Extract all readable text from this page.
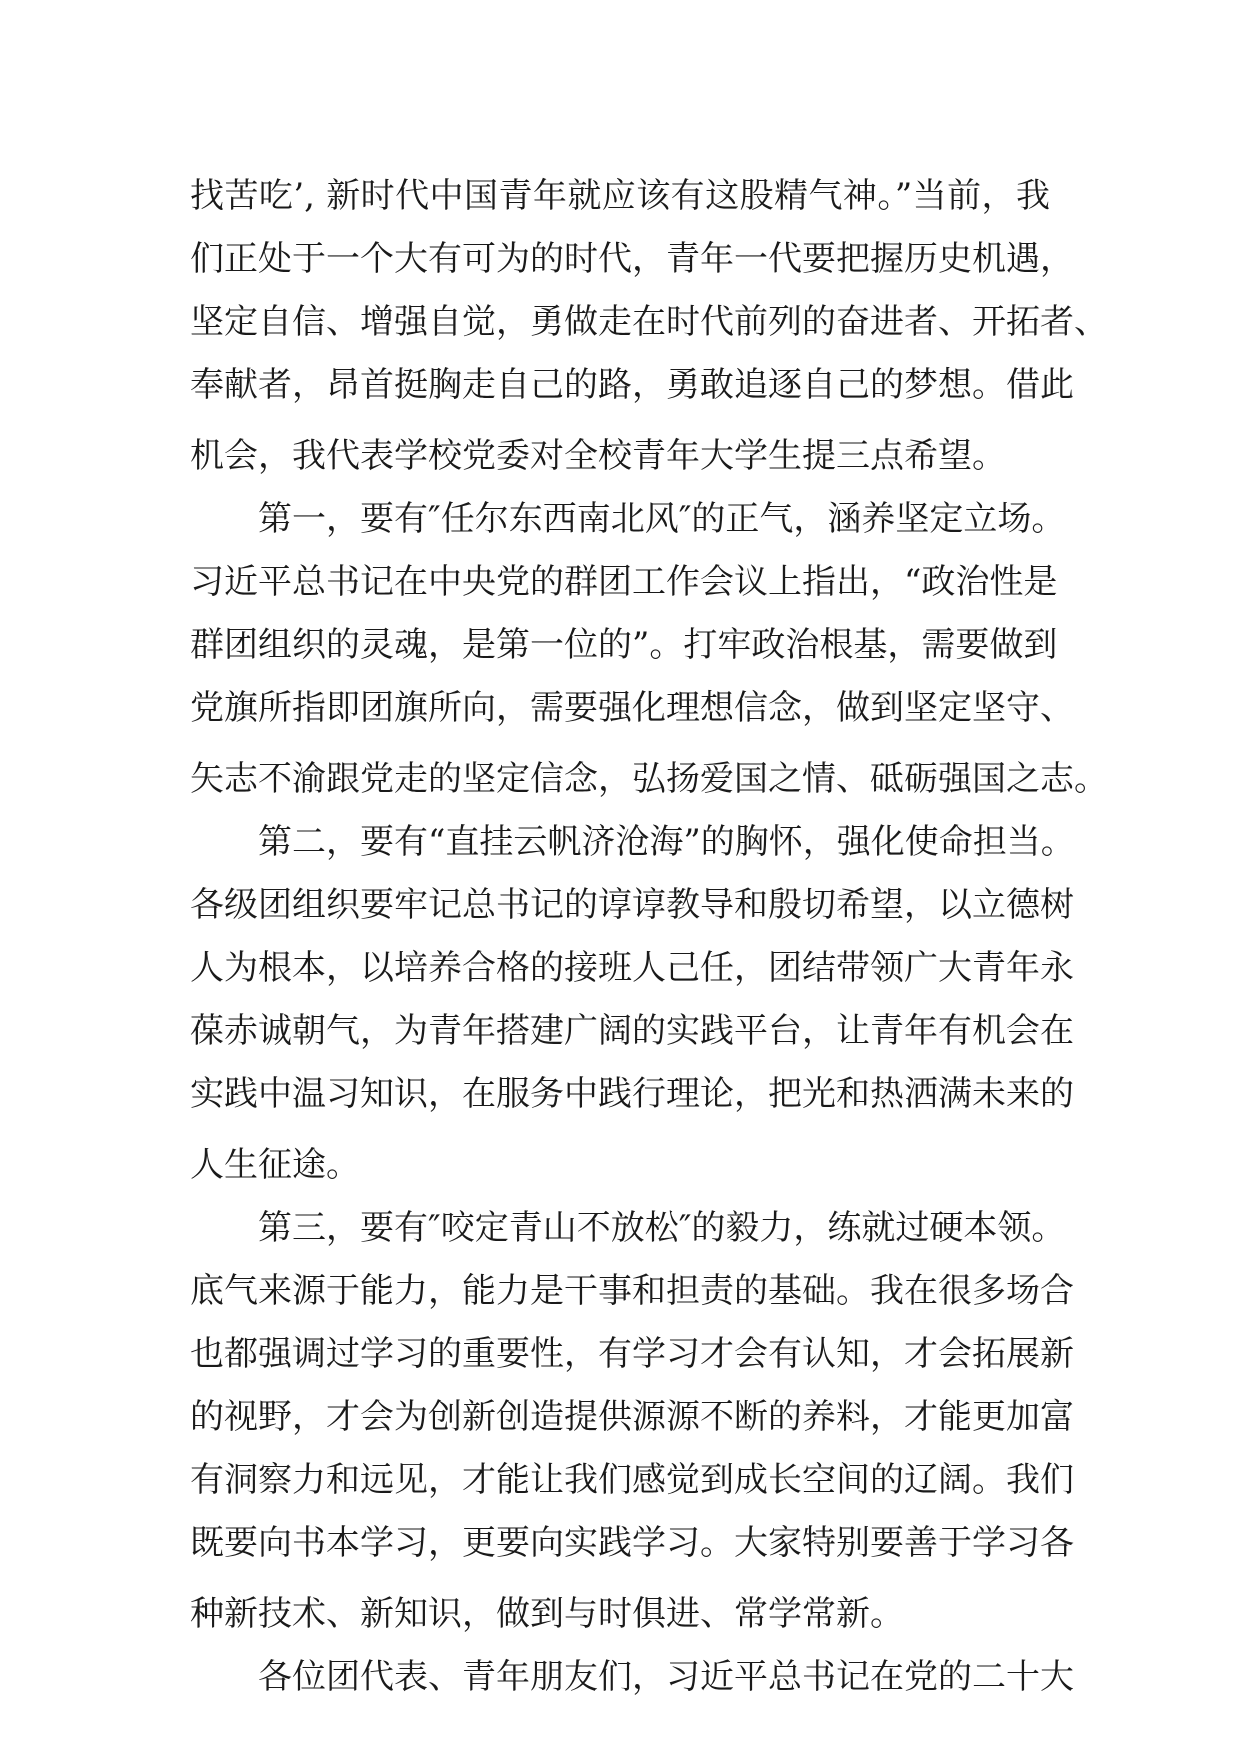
找苦吃’, 新时代中国青年就应该有这股精气神。”当前，我
们正处于一个大有可为的时代，青年一代要把握历史机遇，
坚定自信、增强自觉，勇做走在时代前列的奋进者、开拓者、
奉献者，昂首挺胸走自己的路，勇敢追逐自己的梦想。借此
机会，我代表学校党委对全校青年大学生提三点希望。
　　第一，要有″任尔东西南北风″的正气，涵养坚定立场。
习近平总书记在中央党的群团工作会议上指出，“政治性是
群团组织的灵魂，是第一位的”。打牢政治根基，需要做到
党旗所指即团旗所向，需要强化理想信念，做到坚定坚守、
矢志不渝跟党走的坚定信念，弘扬爱国之情、砥砺强国之志。
　　第二，要有“直挂云帆济沧海”的胸怀，强化使命担当。
各级团组织要牢记总书记的谆谆教导和殷切希望，以立德树
人为根本，以培养合格的接班人己任，团结带领广大青年永
葆赤诚朝气，为青年搭建广阔的实践平台，让青年有机会在
实践中温习知识，在服务中践行理论，把光和热洒满未来的
人生征途。
　　第三，要有″咬定青山不放松″的毅力，练就过硬本领。
底气来源于能力，能力是干事和担责的基础。我在很多场合
也都强调过学习的重要性，有学习才会有认知，才会拓展新
的视野，才会为创新创造提供源源不断的养料，才能更加富
有洞察力和远见，才能让我们感觉到成长空间的辽阔。我们
既要向书本学习，更要向实践学习。大家特别要善于学习各
种新技术、新知识，做到与时俱进、常学常新。
　　各位团代表、青年朋友们，习近平总书记在党的二十大
